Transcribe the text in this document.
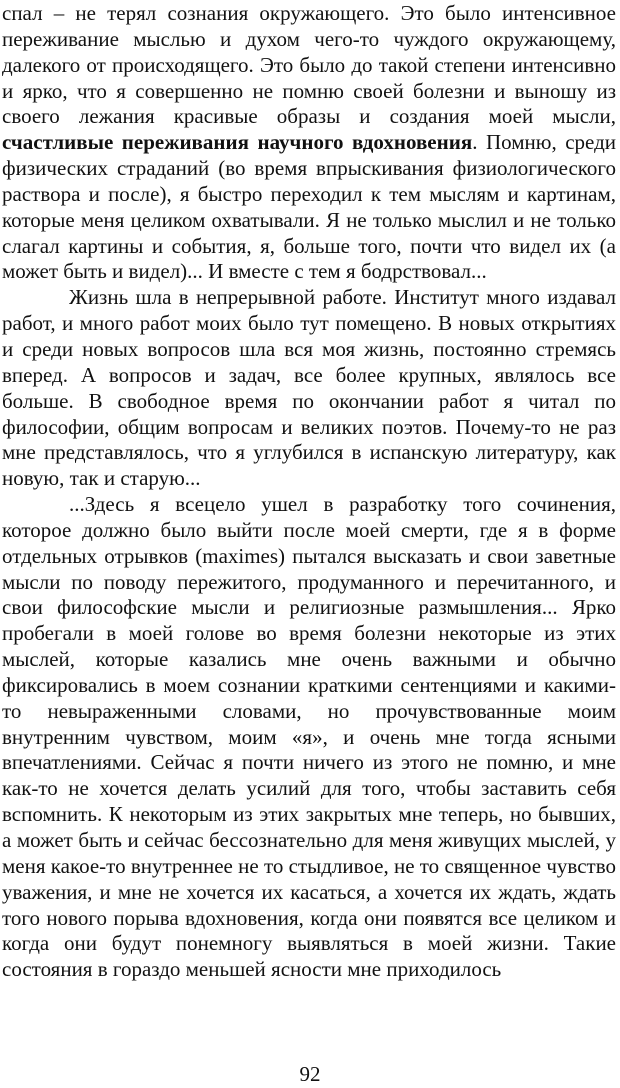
спал – не терял сознания окружающего. Это было интенсивное переживание мыслью и духом чего-то чуждого окружающему, далекого от происходящего. Это было до такой степени интенсивно и ярко, что я совершенно не помню своей болезни и выношу из своего лежания красивые образы и создания моей мысли, счастливые переживания научного вдохновения. Помню, среди физических страданий (во время впрыскивания физиологического раствора и после), я быстро переходил к тем мыслям и картинам, которые меня целиком охватывали. Я не только мыслил и не только слагал картины и события, я, больше того, почти что видел их (а может быть и видел)... И вместе с тем я бодрствовал...

Жизнь шла в непрерывной работе. Институт много издавал работ, и много работ моих было тут помещено. В новых открытиях и среди новых вопросов шла вся моя жизнь, постоянно стремясь вперед. А вопросов и задач, все более крупных, являлось все больше. В свободное время по окончании работ я читал по философии, общим вопросам и великих поэтов. Почему-то не раз мне представлялось, что я углубился в испанскую литературу, как новую, так и старую...

...Здесь я всецело ушел в разработку того сочинения, которое должно было выйти после моей смерти, где я в форме отдельных отрывков (maximes) пытался высказать и свои заветные мысли по поводу пережитого, продуманного и перечитанного, и свои философские мысли и религиозные размышления... Ярко пробегали в моей голове во время болезни некоторые из этих мыслей, которые казались мне очень важными и обычно фиксировались в моем сознании краткими сентенциями и какими-то невыраженными словами, но прочувствованные моим внутренним чувством, моим «я», и очень мне тогда ясными впечатлениями. Сейчас я почти ничего из этого не помню, и мне как-то не хочется делать усилий для того, чтобы заставить себя вспомнить. К некоторым из этих закрытых мне теперь, но бывших, а может быть и сейчас бессознательно для меня живущих мыслей, у меня какое-то внутреннее не то стыдливое, не то священное чувство уважения, и мне не хочется их касаться, а хочется их ждать, ждать того нового порыва вдохновения, когда они появятся все целиком и когда они будут понемногу выявляться в моей жизни. Такие состояния в гораздо меньшей ясности мне приходилось

92
